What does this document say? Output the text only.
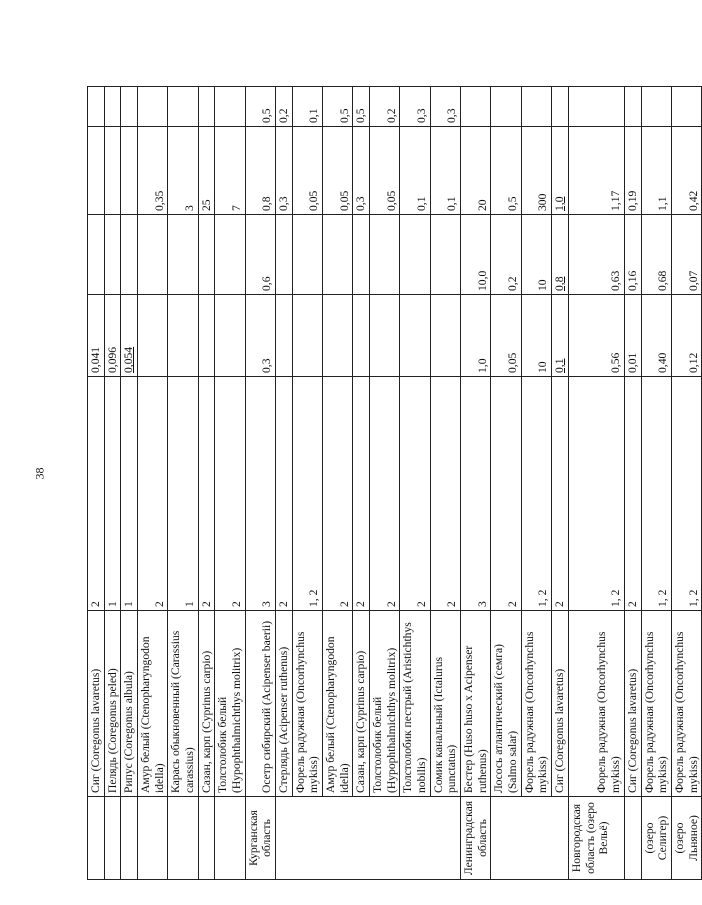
38
	Сиг (Coregonus lavaretus)	2	0,041			
	Пелядь (Coregonus peled)	1	0,096			
	Рипус (Coregonus albula)	1	0,054			
	Амур белый (Ctenopharyngodon idella)	2			0,35	
	Карась обыкновенный (Carassius carassius)	1			3	
	Сазан, карп (Cyprinus carpio)	2			25	
	Толстолобик белый (Hypophthalmichthys molitrix)	2			7	
Курганская область	Осетр сибирский (Acipenser baerii)	3	0,3	0,6	0,8	0,5
	Стерлядь (Acipenser ruthenus)	2			0,3	0,2
	Форель радужная (Oncorhynchus mykiss)	1, 2			0,05	0,1
	Амур белый (Ctenopharyngodon idella)	2			0,05	0,5
	Сазан, карп (Cyprinus carpio)	2			0,3	0,5
	Толстолобик белый (Hypophthalmichthys molitrix)	2			0,05	0,2
	Толстолобик пестрый (Aristichthys nobilis)	2			0,1	0,3
	Сомик канальный (Ictalurus punctatus)	2			0,1	0,3
Ленинградская область	Бестер (Huso huso x Acipenser ruthenus)	3	1,0	10,0	20	
	Лосось атлантический (семга) (Salmo salar)	2	0,05	0,2	0,5	
	Форель радужная (Oncorhynchus mykiss)	1, 2	10	10	300	
	Сиг (Coregonus lavaretus)	2	0,1	0,8	1,0	
Новгородская область (озеро Вельё)	Форель радужная (Oncorhynchus mykiss)	1, 2	0,56	0,63	1,17	
	Сиг (Coregonus lavaretus)	2	0,01	0,16	0,19	
(озеро Селигер)	Форель радужная (Oncorhynchus mykiss)	1, 2	0,40	0,68	1,1	
(озеро Льняное)	Форель радужная (Oncorhynchus mykiss)	1, 2	0,12	0,07	0,42	
